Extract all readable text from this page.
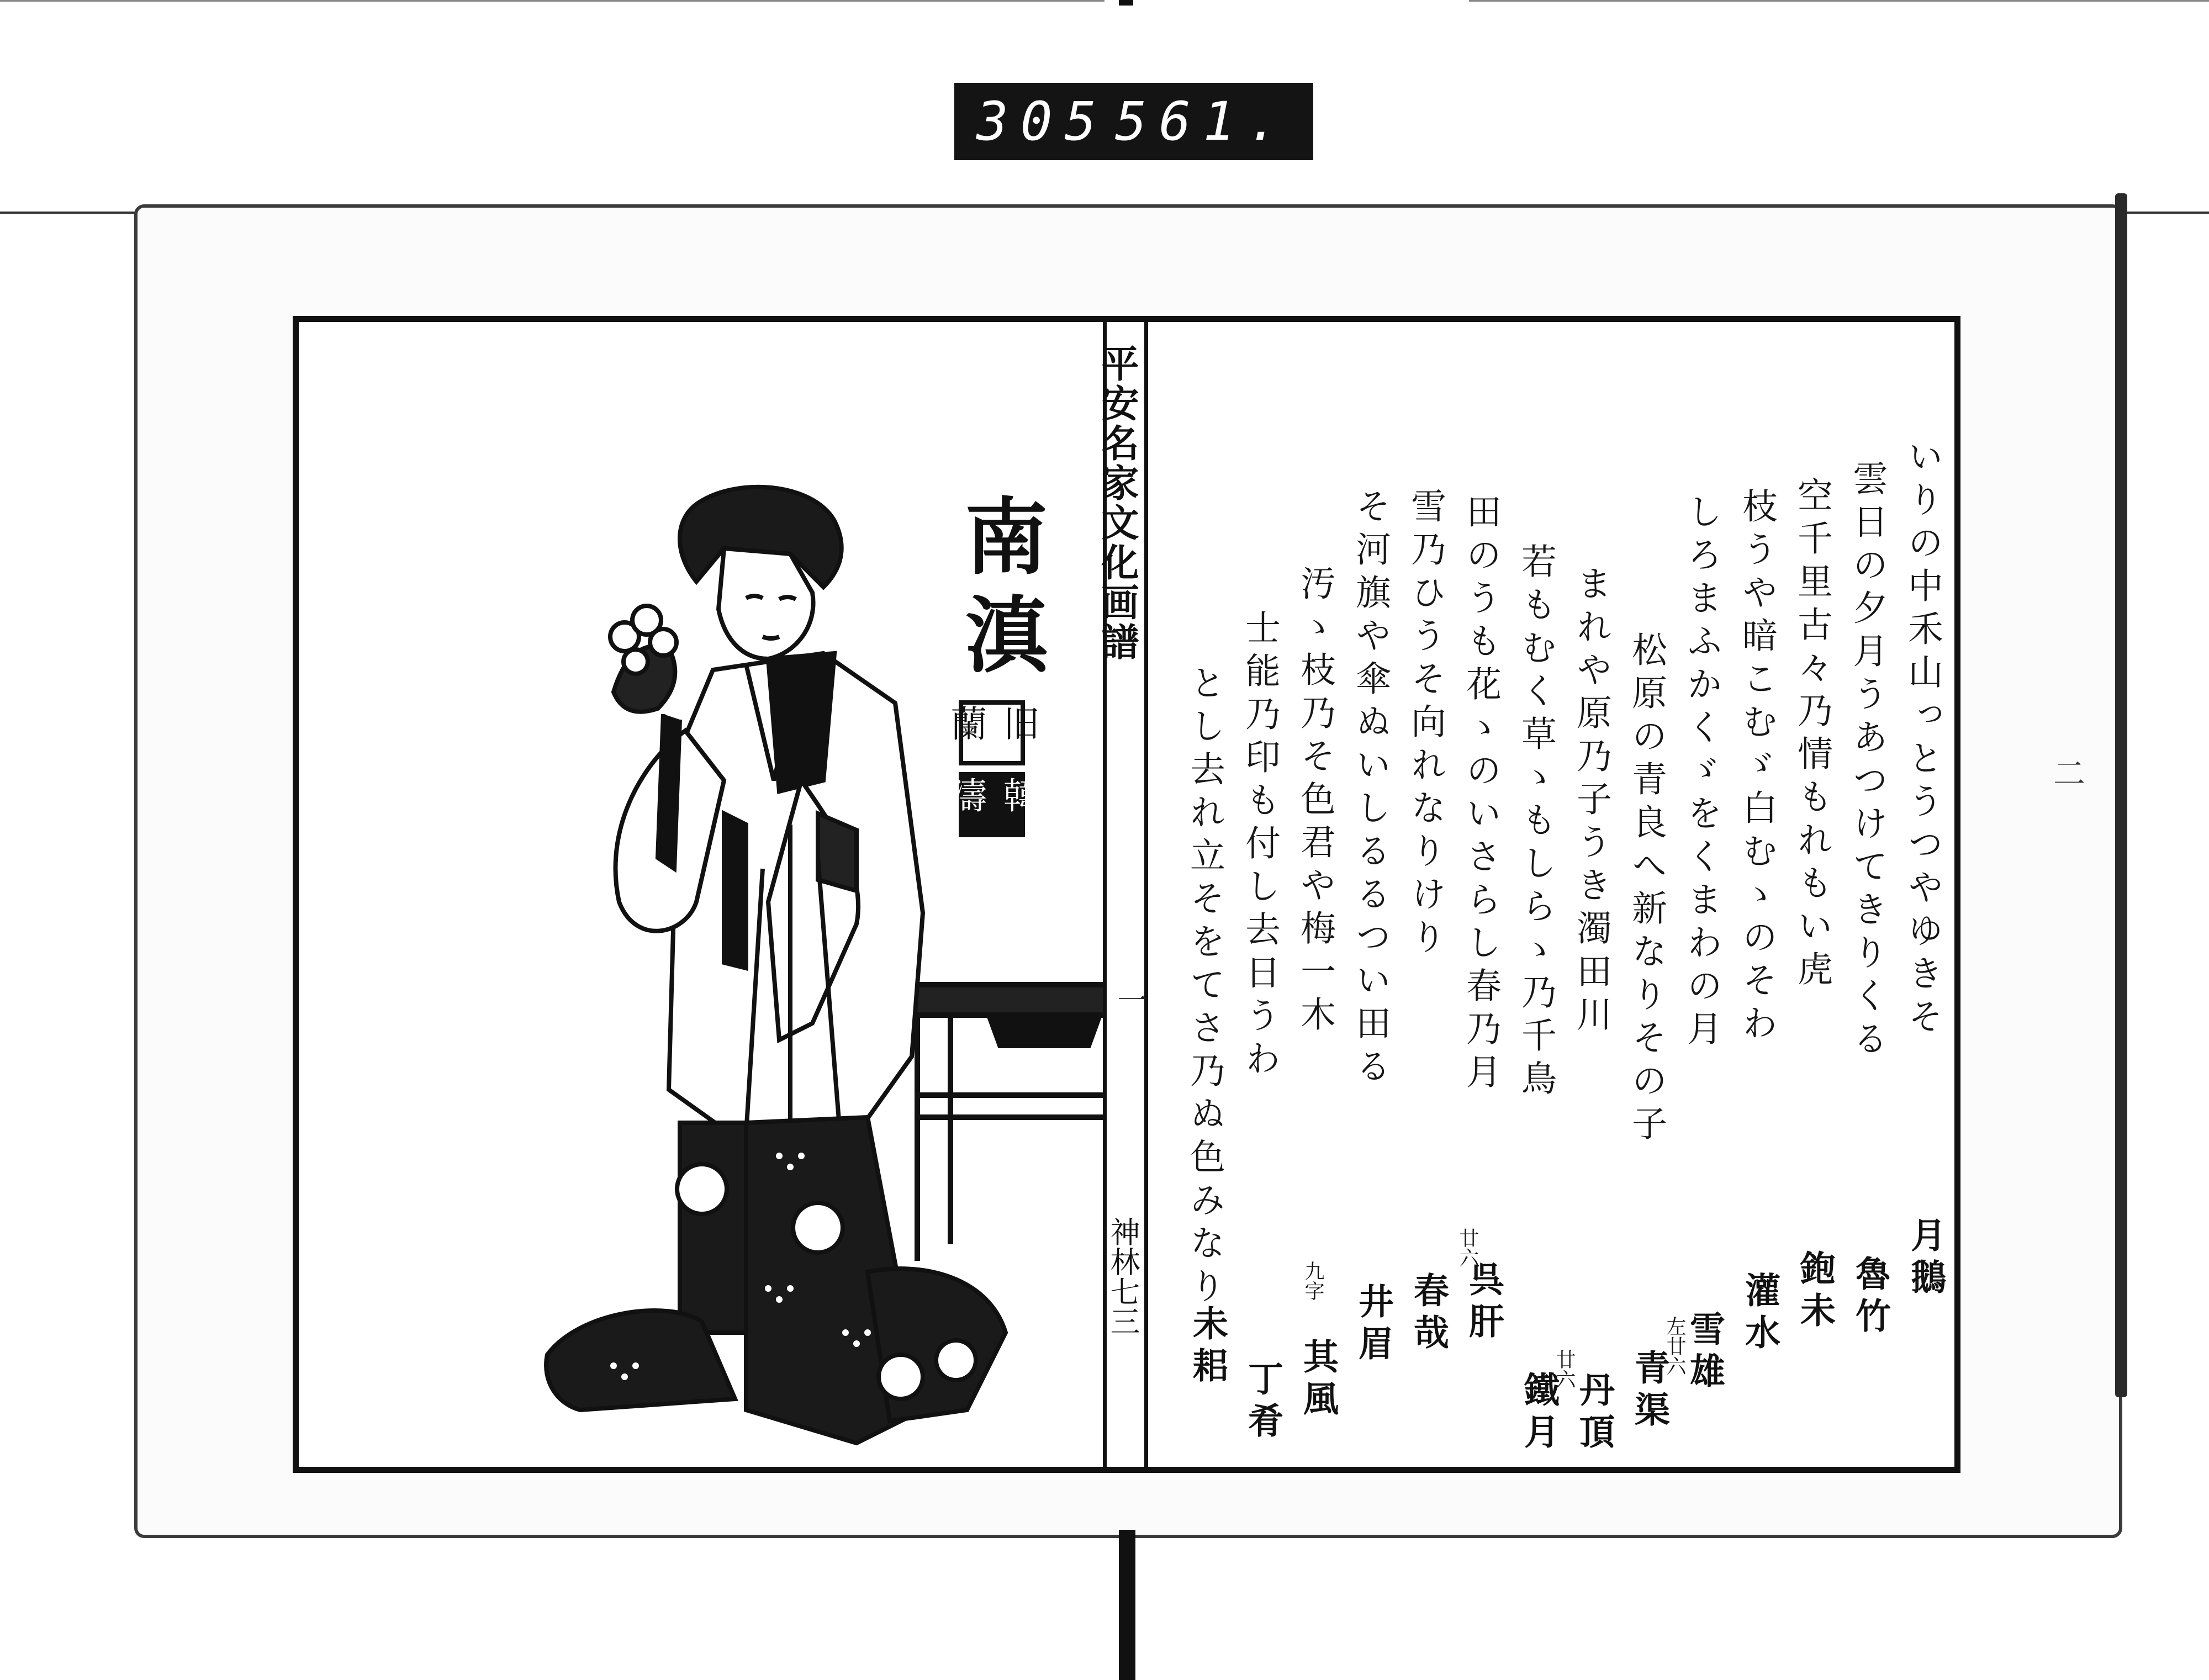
305 561.
二
南滇
旧蘭
韓濤
平安名家文化画譜
一
神林七三
いりの中禾山っとうつやゆきそ
月鵝
雲日の夕月うあつけてきりくる
魯竹
空千里古々乃情もれもい虎
鉋未
枝うや暗こむゞ白むゝのそわ
灌水
しろまふかくゞをくまわの月
左廿六
雪雄
松原の青良へ新なりその子
青渠
まれや原乃子うき濁田川
廿六
丹頂
若もむく草ゝもしらゝ乃千鳥
鐵月
田のうも花ゝのいさらし春乃月
廿六
呉肝
雪乃ひうそ向れなりけり
春哉
そ河旗や傘ぬいしるるつい田る
井眉
汚ゝ枝乃そ色君や梅一木
九字
其風
士能乃印も付し去日うわ
丁肴
とし去れ立そをてさ乃ぬ色みなり
未耜
